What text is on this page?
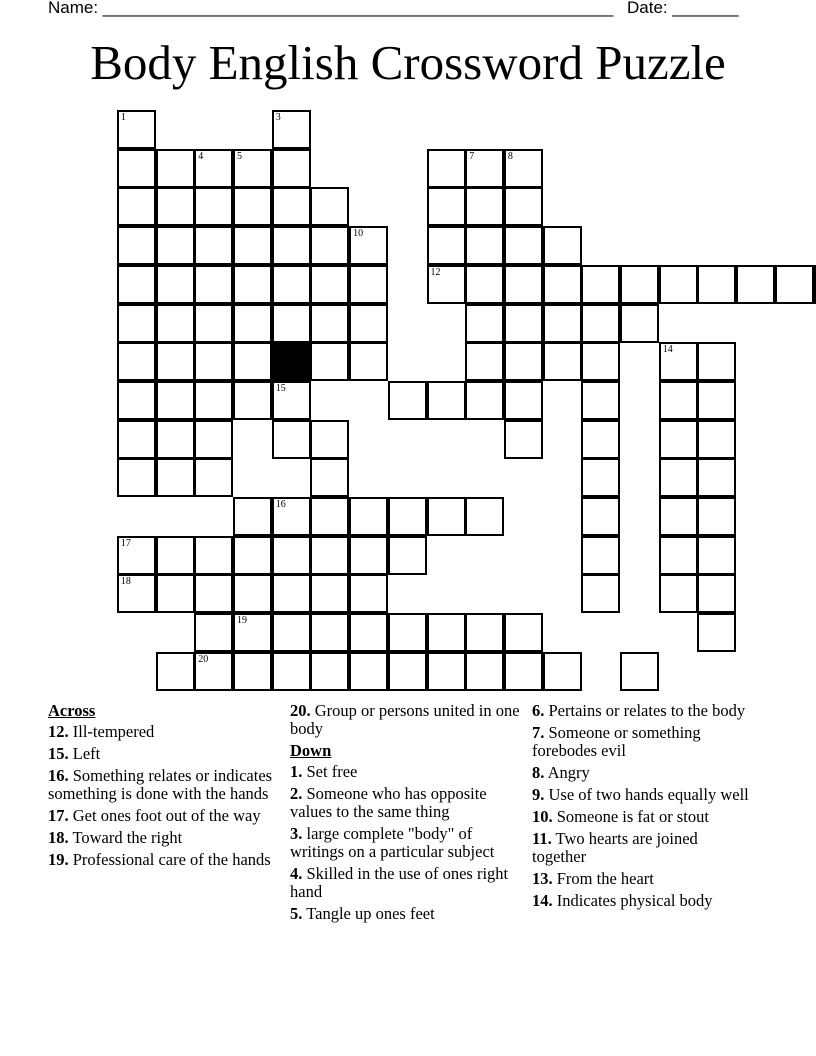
Name: ______________________________________________________ Date: _______
Body English Crossword Puzzle
1	3
4	5	7	8
10
12
14
15
16
17
18
19
20
Across
12. Ill-tempered
15. Left
16. Something relates or indicates something is done with the hands
17. Get ones foot out of the way
18. Toward the right
19. Professional care of the hands
20. Group or persons united in one body
Down
1. Set free
2. Someone who has opposite values to the same thing
3. large complete "body" of writings on a particular subject
4. Skilled in the use of ones right hand
5. Tangle up ones feet
6. Pertains or relates to the body
7. Someone or something forebodes evil
8. Angry
9. Use of two hands equally well
10. Someone is fat or stout
11. Two hearts are joined together
13. From the heart
14. Indicates physical body
